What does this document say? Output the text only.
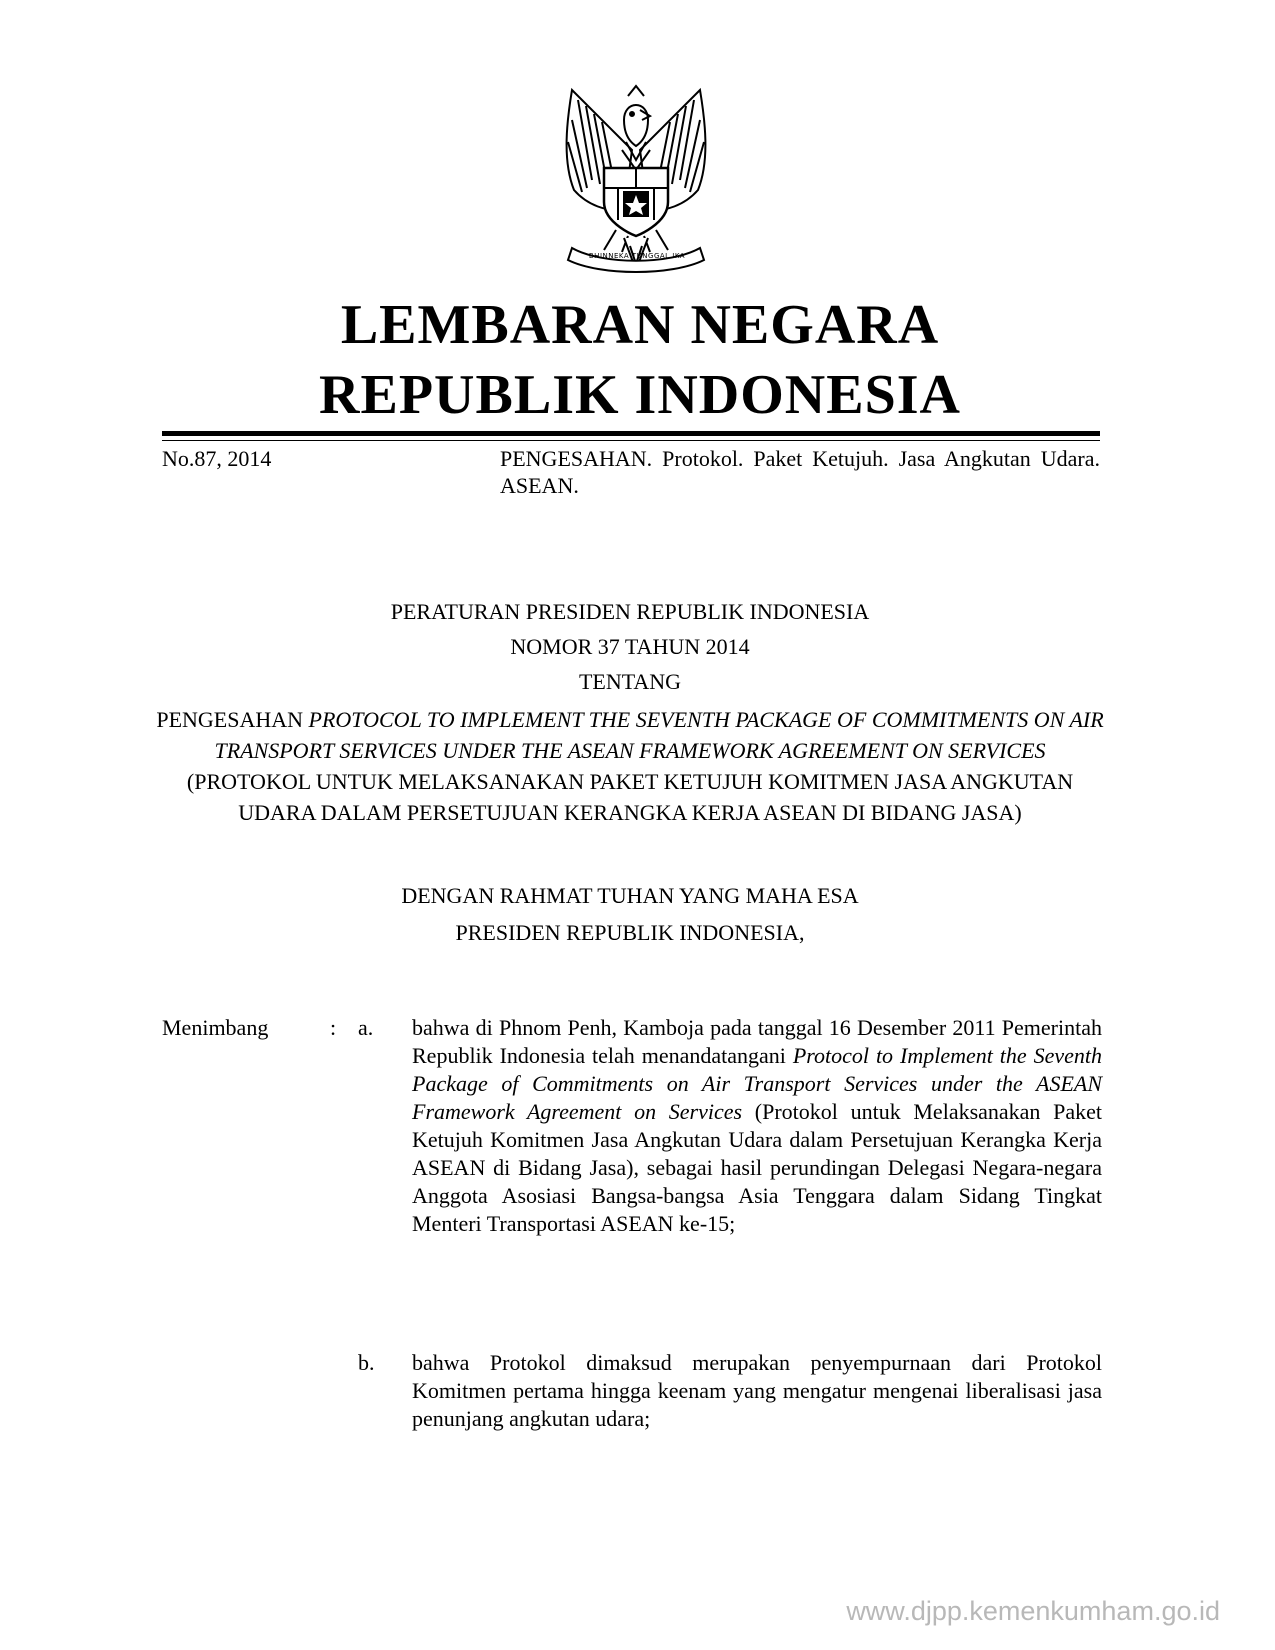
BHINNEKA TUNGGAL IKA
LEMBARAN NEGARA
REPUBLIK INDONESIA
No.87, 2014	PENGESAHAN. Protokol. Paket Ketujuh. Jasa Angkutan Udara. ASEAN.
PERATURAN PRESIDEN REPUBLIK INDONESIA
NOMOR 37 TAHUN 2014
TENTANG
PENGESAHAN PROTOCOL TO IMPLEMENT THE SEVENTH PACKAGE OF COMMITMENTS ON AIR TRANSPORT SERVICES UNDER THE ASEAN FRAMEWORK AGREEMENT ON SERVICES (PROTOKOL UNTUK MELAKSANAKAN PAKET KETUJUH KOMITMEN JASA ANGKUTAN UDARA DALAM PERSETUJUAN KERANGKA KERJA ASEAN DI BIDANG JASA)
DENGAN RAHMAT TUHAN YANG MAHA ESA
PRESIDEN REPUBLIK INDONESIA,
Menimbang	: a. bahwa di Phnom Penh, Kamboja pada tanggal 16 Desember 2011 Pemerintah Republik Indonesia telah menandatangani Protocol to Implement the Seventh Package of Commitments on Air Transport Services under the ASEAN Framework Agreement on Services (Protokol untuk Melaksanakan Paket Ketujuh Komitmen Jasa Angkutan Udara dalam Persetujuan Kerangka Kerja ASEAN di Bidang Jasa), sebagai hasil perundingan Delegasi Negara-negara Anggota Asosiasi Bangsa-bangsa Asia Tenggara dalam Sidang Tingkat Menteri Transportasi ASEAN ke-15;
b. bahwa Protokol dimaksud merupakan penyempurnaan dari Protokol Komitmen pertama hingga keenam yang mengatur mengenai liberalisasi jasa penunjang angkutan udara;
www.djpp.kemenkumham.go.id
